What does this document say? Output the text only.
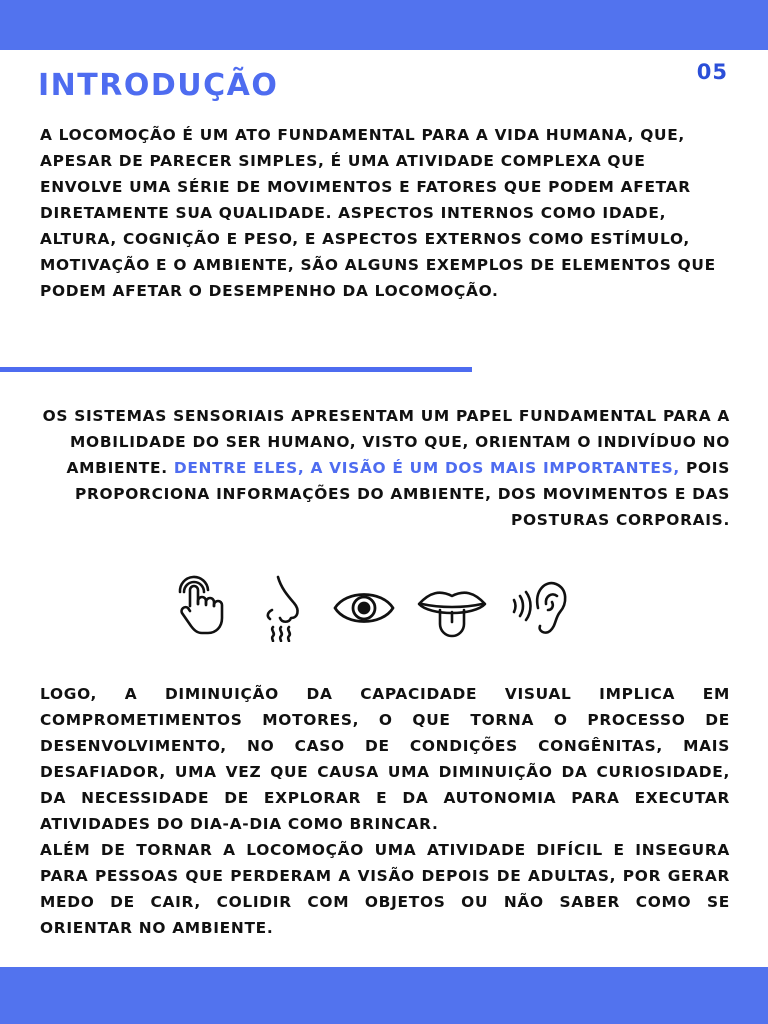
05
INTRODUÇÃO

A LOCOMOÇÃO É UM ATO FUNDAMENTAL PARA A VIDA HUMANA, QUE, APESAR DE PARECER SIMPLES, É UMA ATIVIDADE COMPLEXA QUE ENVOLVE UMA SÉRIE DE MOVIMENTOS E FATORES QUE PODEM AFETAR DIRETAMENTE SUA QUALIDADE. ASPECTOS INTERNOS COMO IDADE, ALTURA, COGNIÇÃO E PESO, E ASPECTOS EXTERNOS COMO ESTÍMULO, MOTIVAÇÃO E O AMBIENTE, SÃO ALGUNS EXEMPLOS DE ELEMENTOS QUE PODEM AFETAR O DESEMPENHO DA LOCOMOÇÃO.

OS SISTEMAS SENSORIAIS APRESENTAM UM PAPEL FUNDAMENTAL PARA A MOBILIDADE DO SER HUMANO, VISTO QUE, ORIENTAM O INDIVÍDUO NO AMBIENTE. DENTRE ELES, A VISÃO É UM DOS MAIS IMPORTANTES, POIS PROPORCIONA INFORMAÇÕES DO AMBIENTE, DOS MOVIMENTOS E DAS POSTURAS CORPORAIS.

LOGO, A DIMINUIÇÃO DA CAPACIDADE VISUAL IMPLICA EM COMPROMETIMENTOS MOTORES, O QUE TORNA O PROCESSO DE DESENVOLVIMENTO, NO CASO DE CONDIÇÕES CONGÊNITAS, MAIS DESAFIADOR, UMA VEZ QUE CAUSA UMA DIMINUIÇÃO DA CURIOSIDADE, DA NECESSIDADE DE EXPLORAR E DA AUTONOMIA PARA EXECUTAR ATIVIDADES DO DIA-A-DIA COMO BRINCAR.
ALÉM DE TORNAR A LOCOMOÇÃO UMA ATIVIDADE DIFÍCIL E INSEGURA PARA PESSOAS QUE PERDERAM A VISÃO DEPOIS DE ADULTAS, POR GERAR MEDO DE CAIR, COLIDIR COM OBJETOS OU NÃO SABER COMO SE ORIENTAR NO AMBIENTE.
